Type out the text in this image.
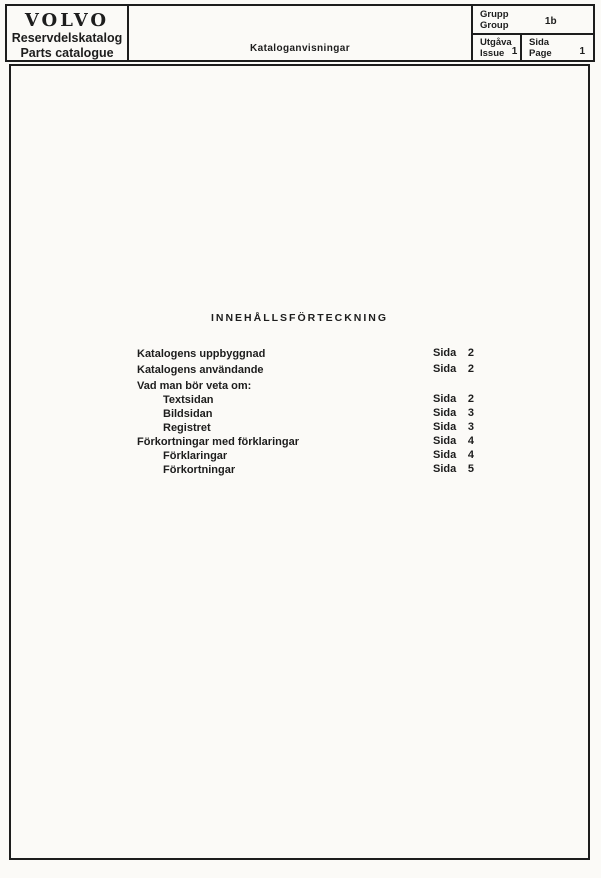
VOLVO
Reservdelskatalog
Parts catalogue	Kataloganvisningar
Grupp
Group	1b
Utgåva
Issue 1
Sida
Page	1
INNEHÅLLSFÖRTECKNING
Katalogens uppbyggnad	Sida 2
Katalogens användande	Sida 2
Vad man bör veta om:
Textsidan	Sida 2
Bildsidan	Sida 3
Registret	Sida 3
Förkortningar med förklaringar	Sida 4
Förklaringar	Sida 4
Förkortningar	Sida 5
